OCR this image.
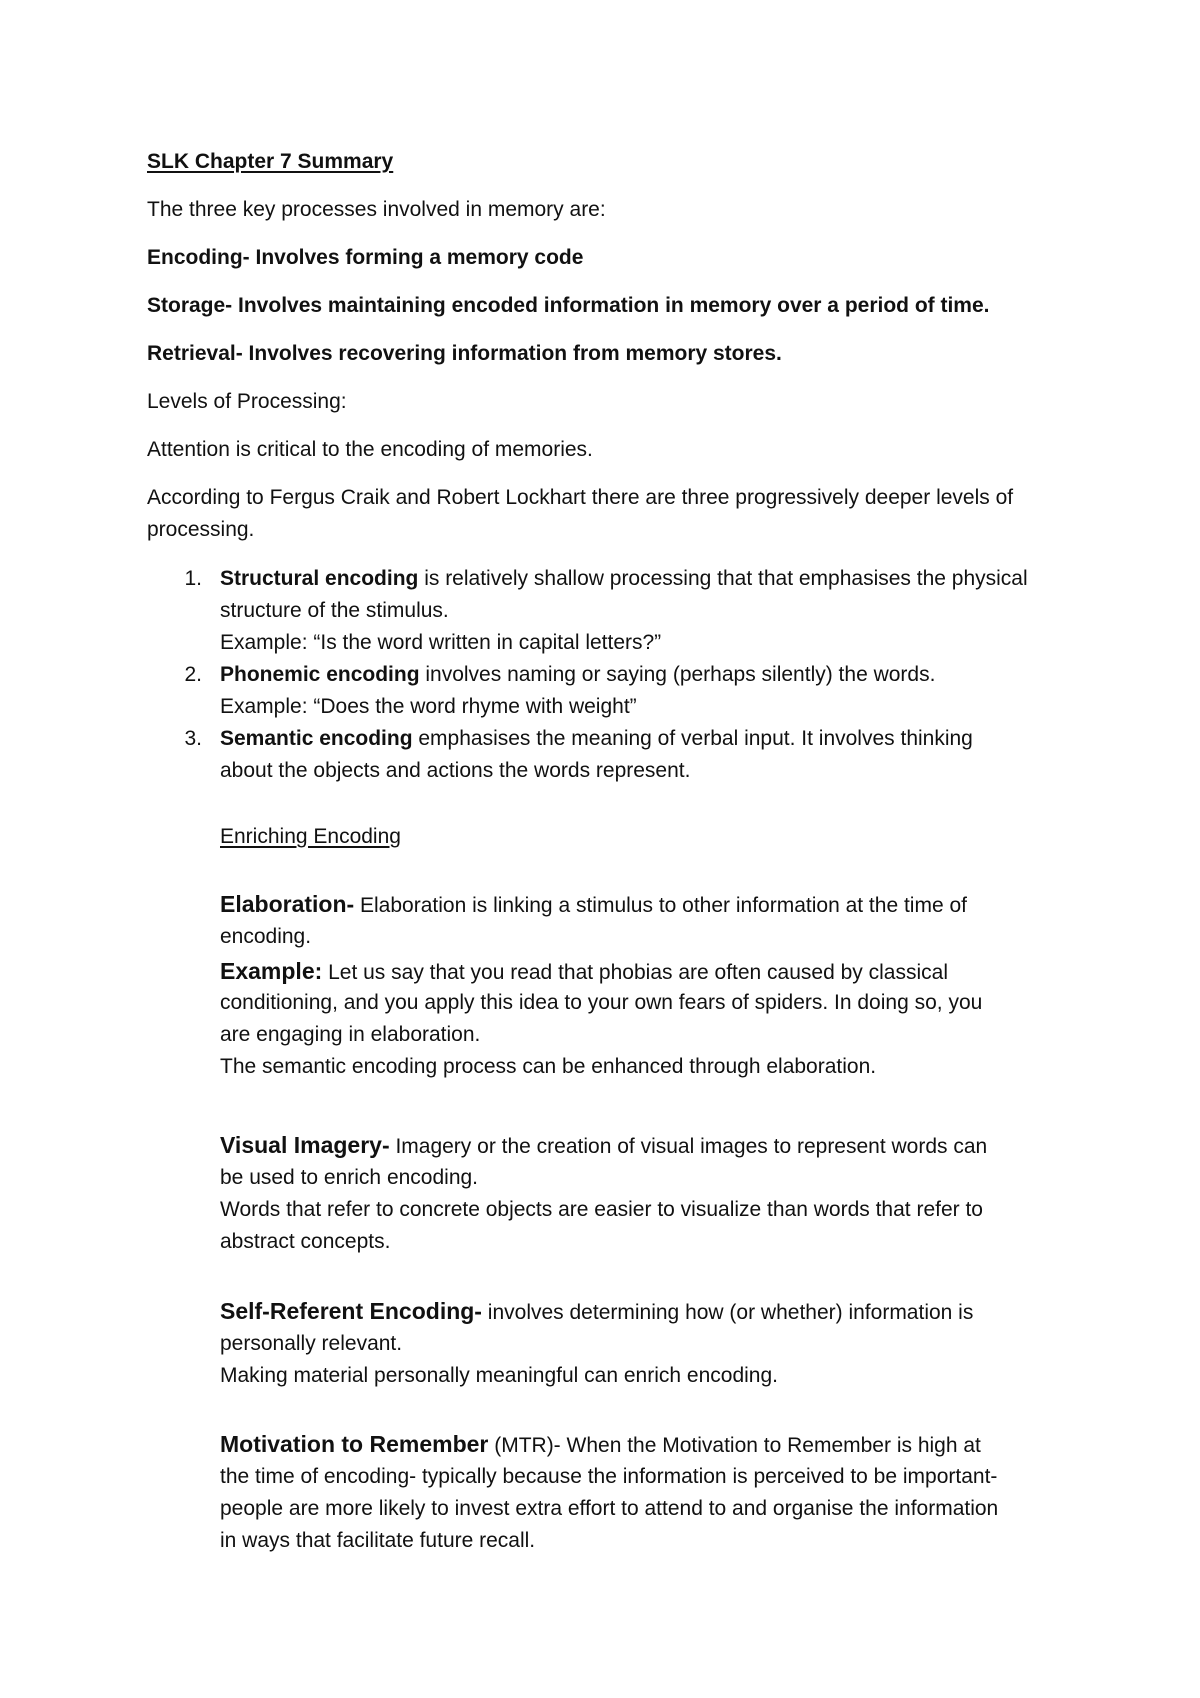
SLK Chapter 7 Summary
The three key processes involved in memory are:
Encoding- Involves forming a memory code
Storage- Involves maintaining encoded information in memory over a period of time.
Retrieval- Involves recovering information from memory stores.
Levels of Processing:
Attention is critical to the encoding of memories.
According to Fergus Craik and Robert Lockhart there are three progressively deeper levels of
processing.
1. Structural encoding is relatively shallow processing that that emphasises the physical
structure of the stimulus.
Example: “Is the word written in capital letters?”
2. Phonemic encoding involves naming or saying (perhaps silently) the words.
Example: “Does the word rhyme with weight”
3. Semantic encoding emphasises the meaning of verbal input. It involves thinking
about the objects and actions the words represent.
Enriching Encoding
Elaboration- Elaboration is linking a stimulus to other information at the time of
encoding.
Example: Let us say that you read that phobias are often caused by classical
conditioning, and you apply this idea to your own fears of spiders. In doing so, you
are engaging in elaboration.
The semantic encoding process can be enhanced through elaboration.
Visual Imagery- Imagery or the creation of visual images to represent words can
be used to enrich encoding.
Words that refer to concrete objects are easier to visualize than words that refer to
abstract concepts.
Self-Referent Encoding- involves determining how (or whether) information is
personally relevant.
Making material personally meaningful can enrich encoding.
Motivation to Remember (MTR)- When the Motivation to Remember is high at
the time of encoding- typically because the information is perceived to be important-
people are more likely to invest extra effort to attend to and organise the information
in ways that facilitate future recall.
